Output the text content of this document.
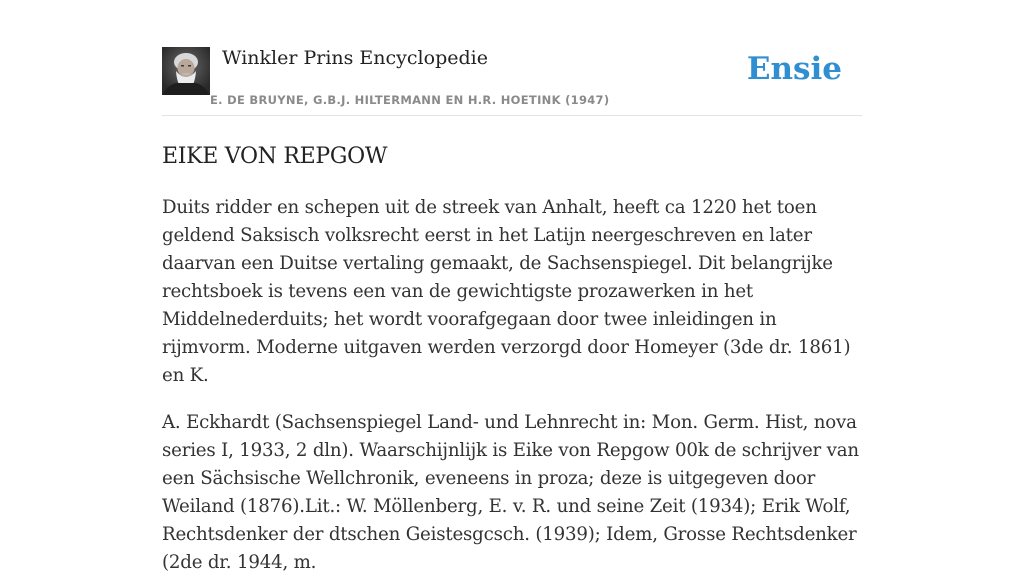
Winkler Prins Encyclopedie
E. DE BRUYNE, G.B.J. HILTERMANN EN H.R. HOETINK (1947)
Ensie
EIKE VON REPGOW

Duits ridder en schepen uit de streek van Anhalt, heeft ca 1220 het toen geldend Saksisch volksrecht eerst in het Latijn neergeschreven en later daarvan een Duitse vertaling gemaakt, de Sachsenspiegel. Dit belangrijke rechtsboek is tevens een van de gewichtigste prozawerken in het Middelnederduits; het wordt voorafgegaan door twee inleidingen in rijmvorm. Moderne uitgaven werden verzorgd door Homeyer (3de dr. 1861) en K.

A. Eckhardt (Sachsenspiegel Land- und Lehnrecht in: Mon. Germ. Hist, nova series I, 1933, 2 dln). Waarschijnlijk is Eike von Repgow 00k de schrijver van een Sächsische Wellchronik, eveneens in proza; deze is uitgegeven door Weiland (1876).Lit.: W. Möllenberg, E. v. R. und seine Zeit (1934); Erik Wolf, Rechtsdenker der dtschen Geistesgcsch. (1939); Idem, Grosse Rechtsdenker (2de dr. 1944, m.
